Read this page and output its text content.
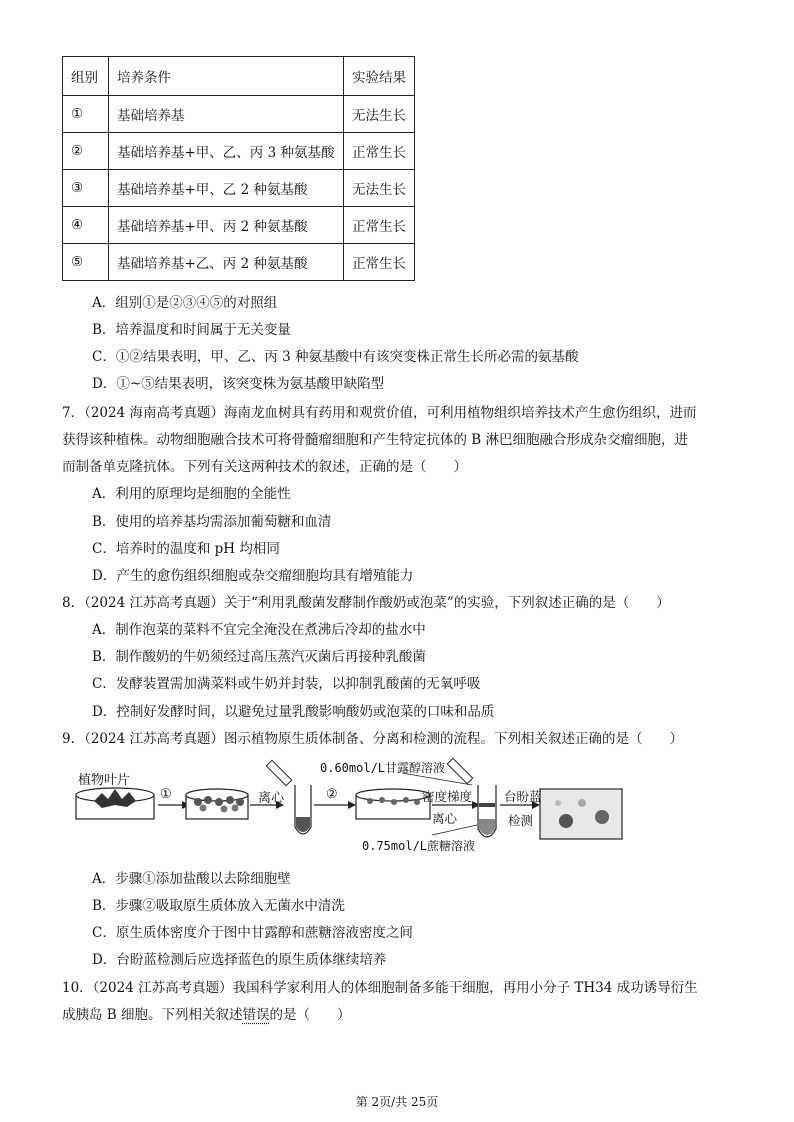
组别	培养条件	实验结果
①	基础培养基	无法生长
②	基础培养基+甲、乙、丙 3 种氨基酸	正常生长
③	基础培养基+甲、乙 2 种氨基酸	无法生长
④	基础培养基+甲、丙 2 种氨基酸	正常生长
⑤	基础培养基+乙、丙 2 种氨基酸	正常生长
A．组别①是②③④⑤的对照组
B．培养温度和时间属于无关变量
C．①②结果表明，甲、乙、丙 3 种氨基酸中有该突变株正常生长所必需的氨基酸
D．①~⑤结果表明，该突变株为氨基酸甲缺陷型
7．（2024 海南高考真题）海南龙血树具有药用和观赏价值，可利用植物组织培养技术产生愈伤组织，进而
获得该种植株。动物细胞融合技术可将骨髓瘤细胞和产生特定抗体的 B 淋巴细胞融合形成杂交瘤细胞，进
而制备单克隆抗体。下列有关这两种技术的叙述，正确的是（　　）
A．利用的原理均是细胞的全能性
B．使用的培养基均需添加葡萄糖和血清
C．培养时的温度和 pH 均相同
D．产生的愈伤组织细胞或杂交瘤细胞均具有增殖能力
8．（2024 江苏高考真题）关于“利用乳酸菌发酵制作酸奶或泡菜”的实验，下列叙述正确的是（　　）
A．制作泡菜的菜料不宜完全淹没在煮沸后冷却的盐水中
B．制作酸奶的牛奶须经过高压蒸汽灭菌后再接种乳酸菌
C．发酵装置需加满菜料或牛奶并封装，以抑制乳酸菌的无氧呼吸
D．控制好发酵时间，以避免过量乳酸影响酸奶或泡菜的口味和品质
9．（2024 江苏高考真题）图示植物原生质体制备、分离和检测的流程。下列相关叙述正确的是（　　）
植物叶片
①	离心	②
0.60mol/L甘露醇溶液
密度梯度
离心
0.75mol/L蔗糖溶液
台盼蓝
检测
A．步骤①添加盐酸以去除细胞壁
B．步骤②吸取原生质体放入无菌水中清洗
C．原生质体密度介于图中甘露醇和蔗糖溶液密度之间
D．台盼蓝检测后应选择蓝色的原生质体继续培养
10．（2024 江苏高考真题）我国科学家利用人的体细胞制备多能干细胞，再用小分子 TH34 成功诱导衍生
成胰岛 B 细胞。下列相关叙述错误的是（　　）
第 2页/共 25页
